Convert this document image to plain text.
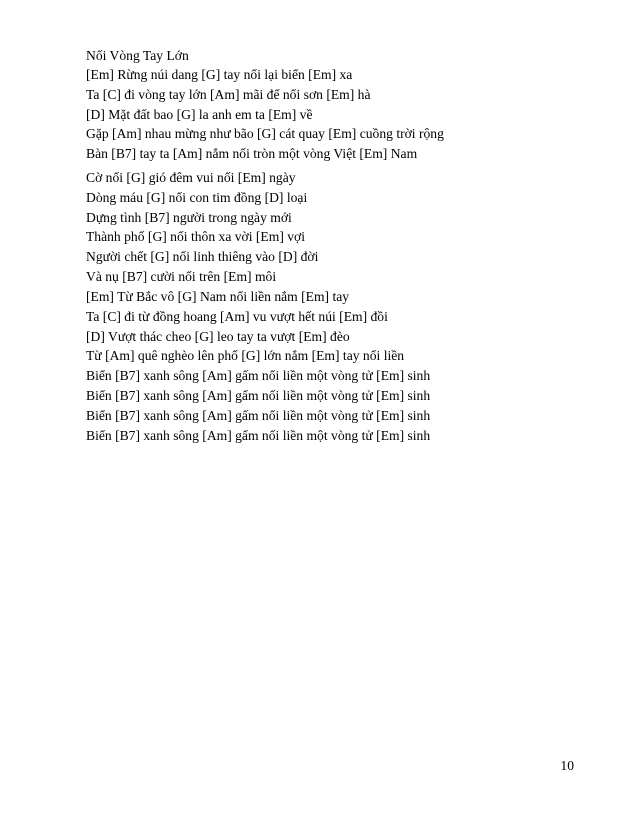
Nối Vòng Tay Lớn
[Em] Rừng núi dang [G] tay nối lại biển [Em] xa
Ta [C] đi vòng tay lớn [Am] mãi để nối sơn [Em] hà
[D] Mặt đất bao [G] la anh em ta [Em] về
Gặp [Am] nhau mừng như bão [G] cát quay [Em] cuồng trời rộng
Bàn [B7] tay ta [Am] nắm nối tròn một vòng Việt [Em] Nam
Cờ nối [G] gió đêm vui nối [Em] ngày
Dòng máu [G] nối con tim đồng [D] loại
Dựng tình [B7] người trong ngày mới
Thành phố [G] nối thôn xa vời [Em] vợi
Người chết [G] nối linh thiêng vào [D] đời
Và nụ [B7] cười nối trên [Em] môi
[Em] Từ Bắc vô [G] Nam nối liền nắm [Em] tay
Ta [C] đi từ đồng hoang [Am] vu vượt hết núi [Em] đồi
[D] Vượt thác cheo [G] leo tay ta vượt [Em] đèo
Từ [Am] quê nghèo lên phố [G] lớn nắm [Em] tay nối liền
Biển [B7] xanh sông [Am] gấm nối liền một vòng tử [Em] sinh
Biển [B7] xanh sông [Am] gấm nối liền một vòng tử [Em] sinh
Biển [B7] xanh sông [Am] gấm nối liền một vòng tử [Em] sinh
Biển [B7] xanh sông [Am] gấm nối liền một vòng tử [Em] sinh
10
